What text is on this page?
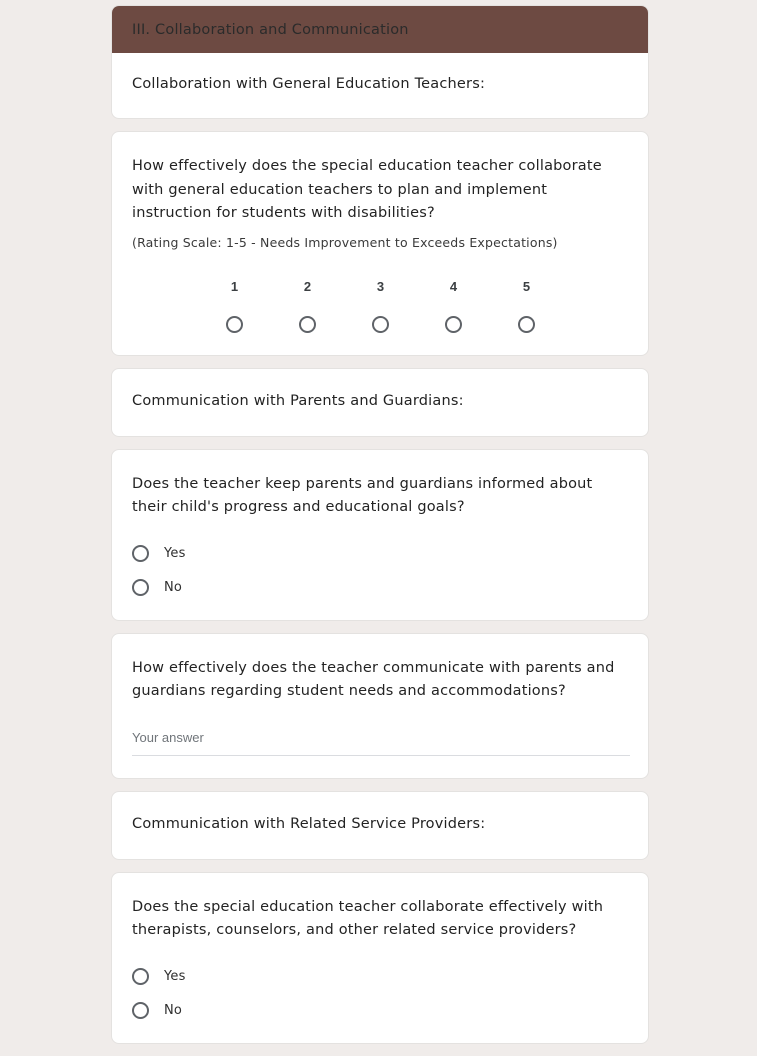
III. Collaboration and Communication
Collaboration with General Education Teachers:
How effectively does the special education teacher collaborate with general education teachers to plan and implement instruction for students with disabilities?
(Rating Scale: 1-5 - Needs Improvement to Exceeds Expectations)
1	2	3	4	5
Communication with Parents and Guardians:
Does the teacher keep parents and guardians informed about their child's progress and educational goals?
Yes
No
How effectively does the teacher communicate with parents and guardians regarding student needs and accommodations?
Your answer
Communication with Related Service Providers:
Does the special education teacher collaborate effectively with therapists, counselors, and other related service providers?
Yes
No
